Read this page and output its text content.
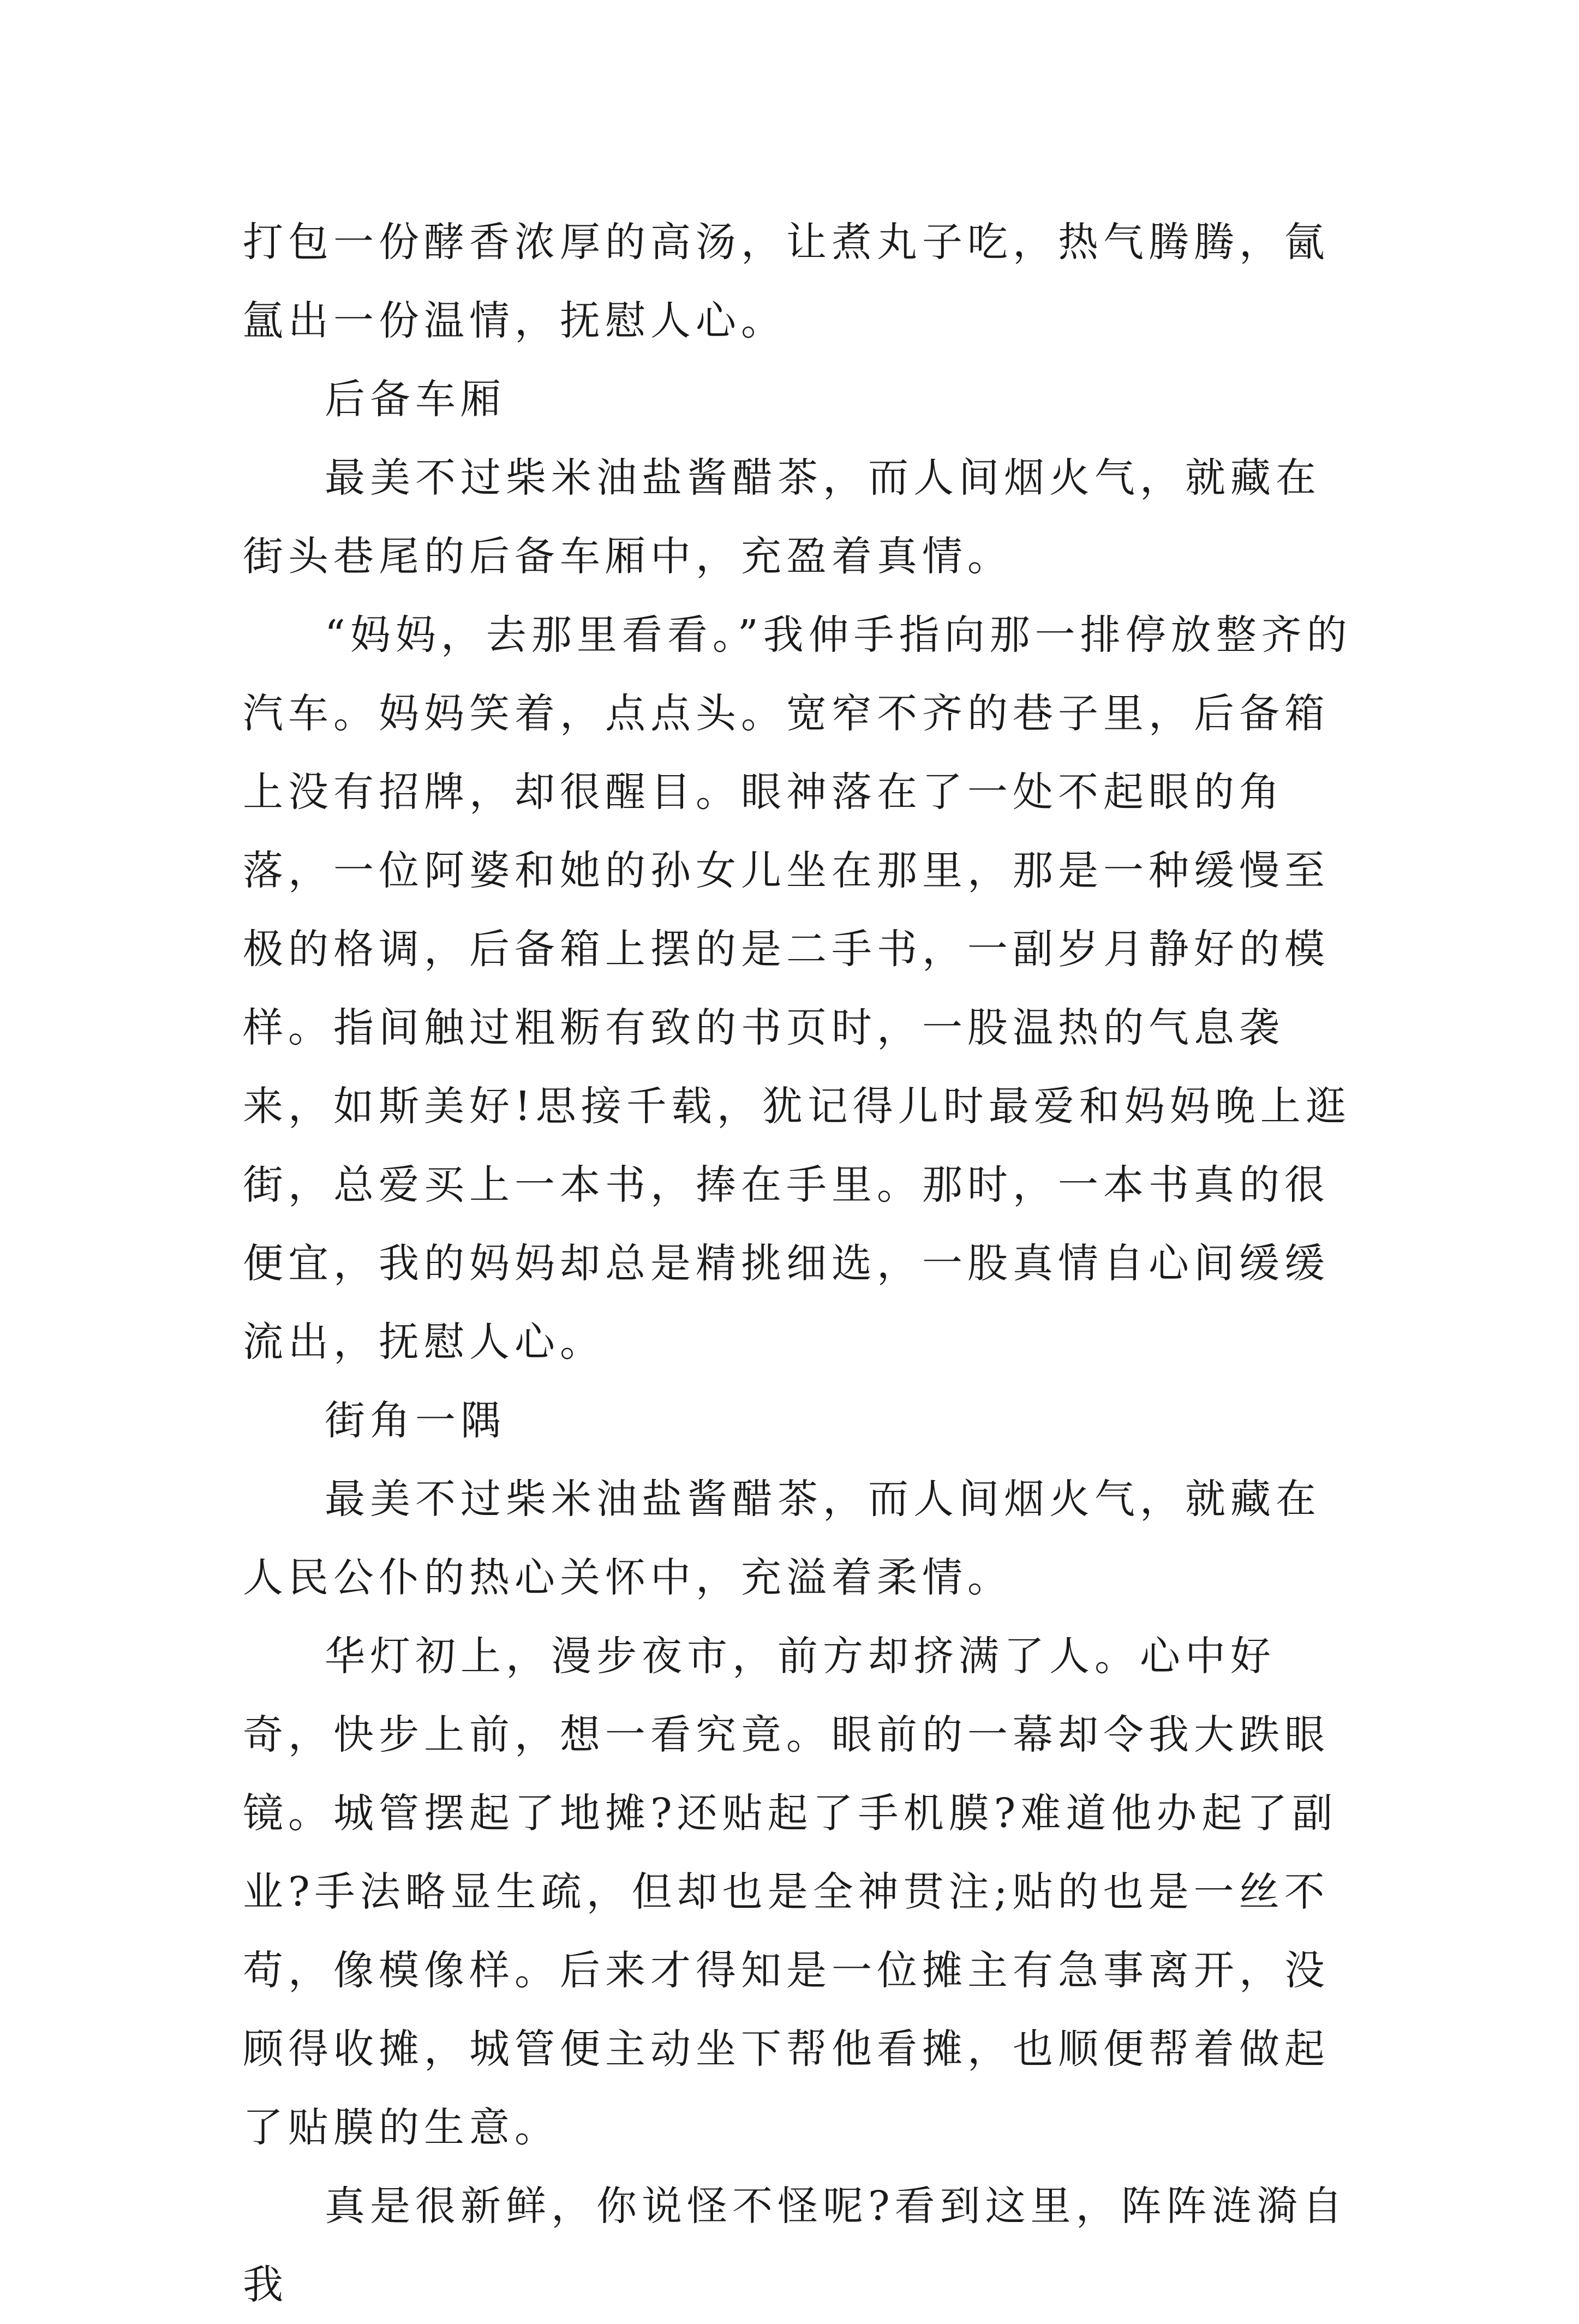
打包一份酵香浓厚的高汤，让煮丸子吃，热气腾腾，氤氲出一份温情，抚慰人心。

后备车厢

最美不过柴米油盐酱醋茶，而人间烟火气，就藏在街头巷尾的后备车厢中，充盈着真情。

“妈妈，去那里看看。”我伸手指向那一排停放整齐的汽车。妈妈笑着，点点头。宽窄不齐的巷子里，后备箱上没有招牌，却很醒目。眼神落在了一处不起眼的角落，一位阿婆和她的孙女儿坐在那里，那是一种缓慢至极的格调，后备箱上摆的是二手书，一副岁月静好的模样。指间触过粗粝有致的书页时，一股温热的气息袭来，如斯美好!思接千载，犹记得儿时最爱和妈妈晚上逛街，总爱买上一本书，捧在手里。那时，一本书真的很便宜，我的妈妈却总是精挑细选，一股真情自心间缓缓流出，抚慰人心。

街角一隅

最美不过柴米油盐酱醋茶，而人间烟火气，就藏在人民公仆的热心关怀中，充溢着柔情。

华灯初上，漫步夜市，前方却挤满了人。心中好奇，快步上前，想一看究竟。眼前的一幕却令我大跌眼镜。城管摆起了地摊?还贴起了手机膜?难道他办起了副业?手法略显生疏，但却也是全神贯注;贴的也是一丝不苟，像模像样。后来才得知是一位摊主有急事离开，没顾得收摊，城管便主动坐下帮他看摊，也顺便帮着做起了贴膜的生意。

真是很新鲜，你说怪不怪呢?看到这里，阵阵涟漪自我
